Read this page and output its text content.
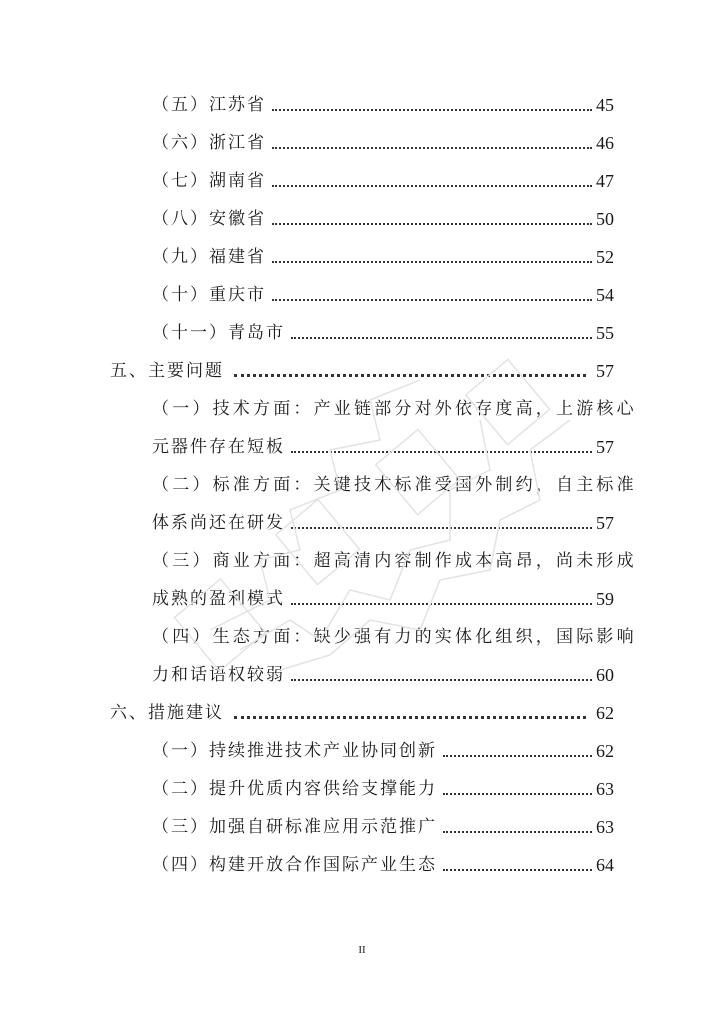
（五）江苏省	45
（六）浙江省	46
（七）湖南省	47
（八）安徽省	50
（九）福建省	52
（十）重庆市	54
（十一）青岛市	55
五、主要问题	57
（一）技术方面：产业链部分对外依存度高，上游核心
元器件存在短板	57
（二）标准方面：关键技术标准受国外制约，自主标准
体系尚还在研发	57
（三）商业方面：超高清内容制作成本高昂，尚未形成
成熟的盈利模式	59
（四）生态方面：缺少强有力的实体化组织，国际影响
力和话语权较弱	60
六、措施建议	62
（一）持续推进技术产业协同创新	62
（二）提升优质内容供给支撑能力	63
（三）加强自研标准应用示范推广	63
（四）构建开放合作国际产业生态	64
II
